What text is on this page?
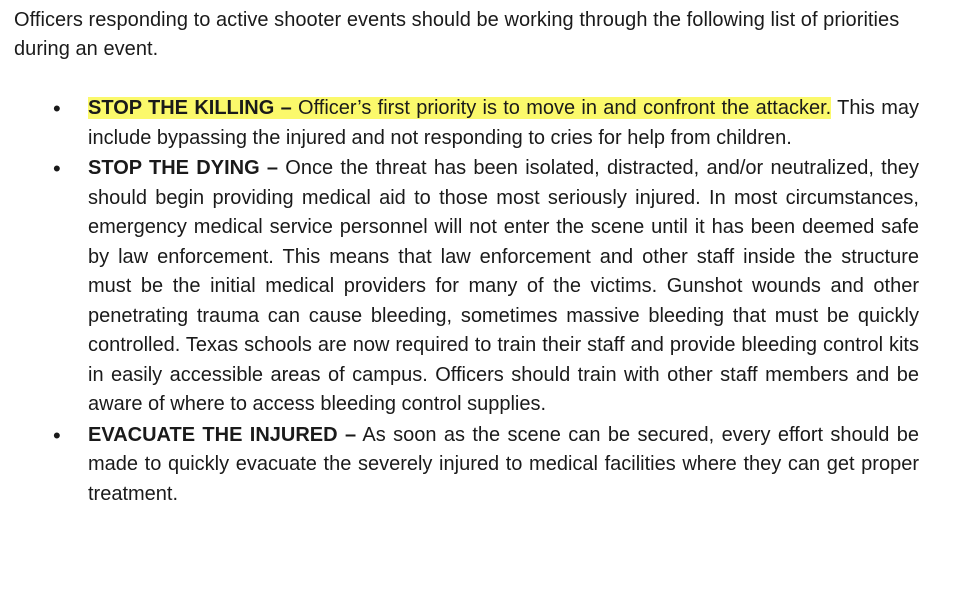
Officers responding to active shooter events should be working through the following list of priorities during an event.

• STOP THE KILLING – Officer’s first priority is to move in and confront the attacker. This may include bypassing the injured and not responding to cries for help from children.
• STOP THE DYING – Once the threat has been isolated, distracted, and/or neutralized, they should begin providing medical aid to those most seriously injured. In most circumstances, emergency medical service personnel will not enter the scene until it has been deemed safe by law enforcement. This means that law enforcement and other staff inside the structure must be the initial medical providers for many of the victims. Gunshot wounds and other penetrating trauma can cause bleeding, sometimes massive bleeding that must be quickly controlled. Texas schools are now required to train their staff and provide bleeding control kits in easily accessible areas of campus. Officers should train with other staff members and be aware of where to access bleeding control supplies.
• EVACUATE THE INJURED – As soon as the scene can be secured, every effort should be made to quickly evacuate the severely injured to medical facilities where they can get proper treatment.
